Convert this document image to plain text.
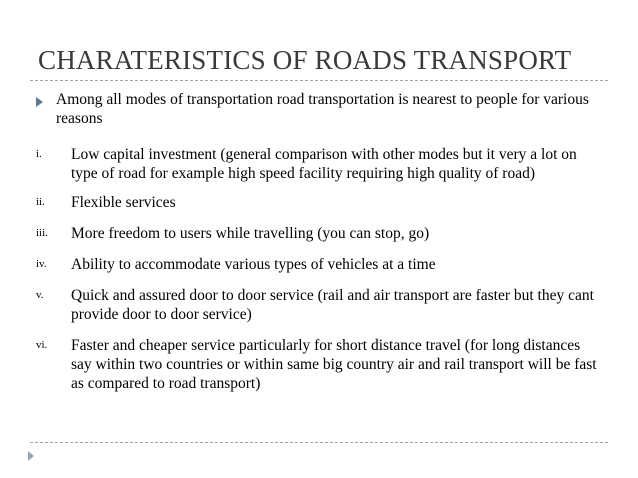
CHARATERISTICS OF ROADS TRANSPORT
Among all modes of transportation road transportation is nearest to people for various reasons
i. Low capital investment (general comparison with other modes but it very a lot on type of road for example high speed facility requiring high quality of road)
ii. Flexible services
iii. More freedom to users while travelling (you can stop, go)
iv. Ability to accommodate various types of vehicles at a time
v. Quick and assured door to door service (rail and air transport are faster but they cant provide door to door service)
vi. Faster and cheaper service particularly for short distance travel (for long distances say within two countries or within same big country air and rail transport will be fast as compared to road transport)
